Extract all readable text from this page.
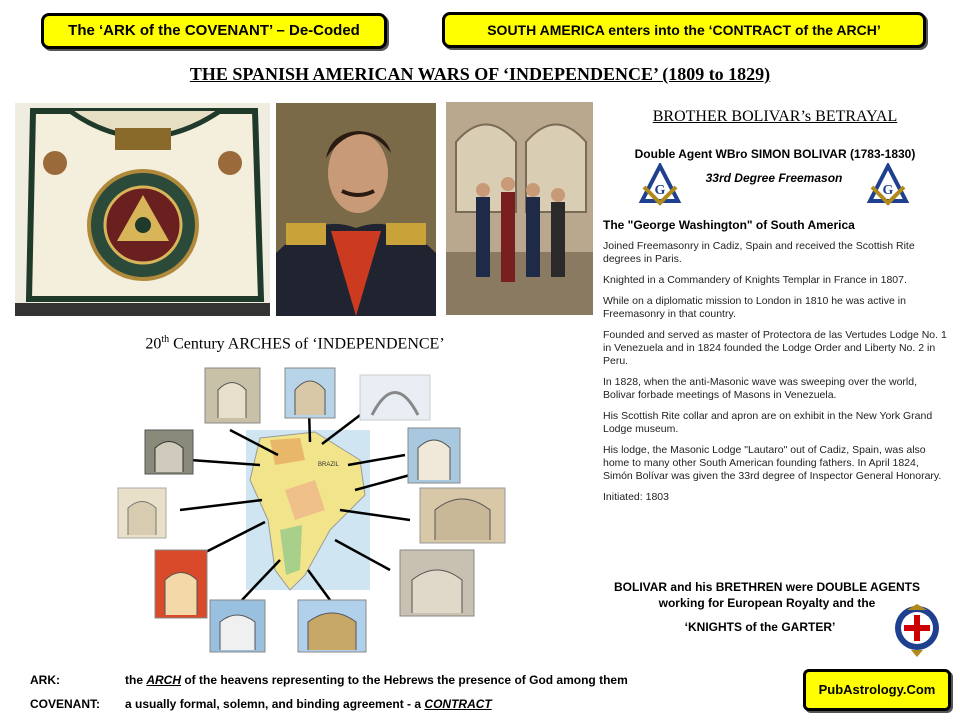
The ‘ARK of the COVENANT’ – De-Coded	SOUTH AMERICA enters into the ‘CONTRACT of the ARCH’
THE SPANISH AMERICAN WARS OF ‘INDEPENDENCE’ (1809 to 1829)
BROTHER BOLIVAR’s BETRAYAL
Double Agent WBro SIMON BOLIVAR (1783-1830)
G	G
33rd Degree Freemason
The "George Washington" of South America

Joined Freemasonry in Cadiz, Spain and received the Scottish Rite degrees in Paris.

Knighted in a Commandery of Knights Templar in France in 1807.

While on a diplomatic mission to London in 1810 he was active in Freemasonry in that country.

Founded and served as master of Protectora de las Vertudes Lodge No. 1 in Venezuela and in 1824 founded the Lodge Order and Liberty No. 2 in Peru.

In 1828, when the anti-Masonic wave was sweeping over the world, Bolivar forbade meetings of Masons in Venezuela.

His Scottish Rite collar and apron are on exhibit in the New York Grand Lodge museum.

His lodge, the Masonic Lodge "Lautaro" out of Cadiz, Spain, was also home to many other South American founding fathers. In April 1824, Simón Bolívar was given the 33rd degree of Inspector General Honorary.

Initiated: 1803

BOLIVAR and his BRETHREN were DOUBLE AGENTS
working for European Royalty and the
‘KNIGHTS of the GARTER’
20th Century ARCHES of ‘INDEPENDENCE’
BRAZIL
ARK:	the ARCH of the heavens representing to the Hebrews the presence of God among them
COVENANT: a usually formal, solemn, and binding agreement - a CONTRACT
PubAstrology.Com
